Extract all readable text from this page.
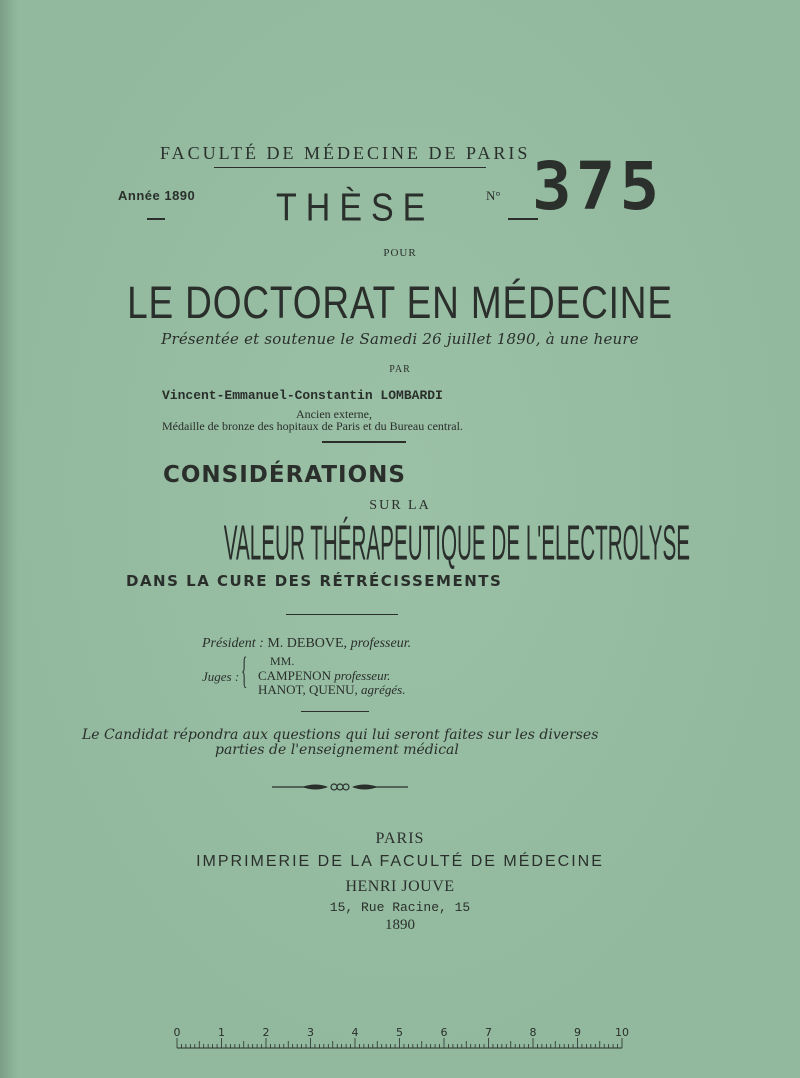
FACULTÉ DE MÉDECINE DE PARIS
Année 1890 THÈSE	N° 375
POUR
LE DOCTORAT EN MÉDECINE
Présentée et soutenue le Samedi 26 juillet 1890, à une heure
PAR
Vincent-Emmanuel-Constantin LOMBARDI
Ancien externe,
Médaille de bronze des hopitaux de Paris et du Bureau central.
CONSIDÉRATIONS
SUR LA
VALEUR THÉRAPEUTIQUE DE L'ELECTROLYSE
DANS LA CURE DES RÉTRÉCISSEMENTS
Président : M. DEBOVE, professeur.
Juges : { MM.
CAMPENON professeur.
HANOT, QUENU, agrégés.
Le Candidat répondra aux questions qui lui seront faites sur les diverses
parties de l'enseignement médical
PARIS
IMPRIMERIE DE LA FACULTÉ DE MÉDECINE
HENRI JOUVE
15, Rue Racine, 15
1890
0	1	2	3	4	5	6	7	8	9	10
